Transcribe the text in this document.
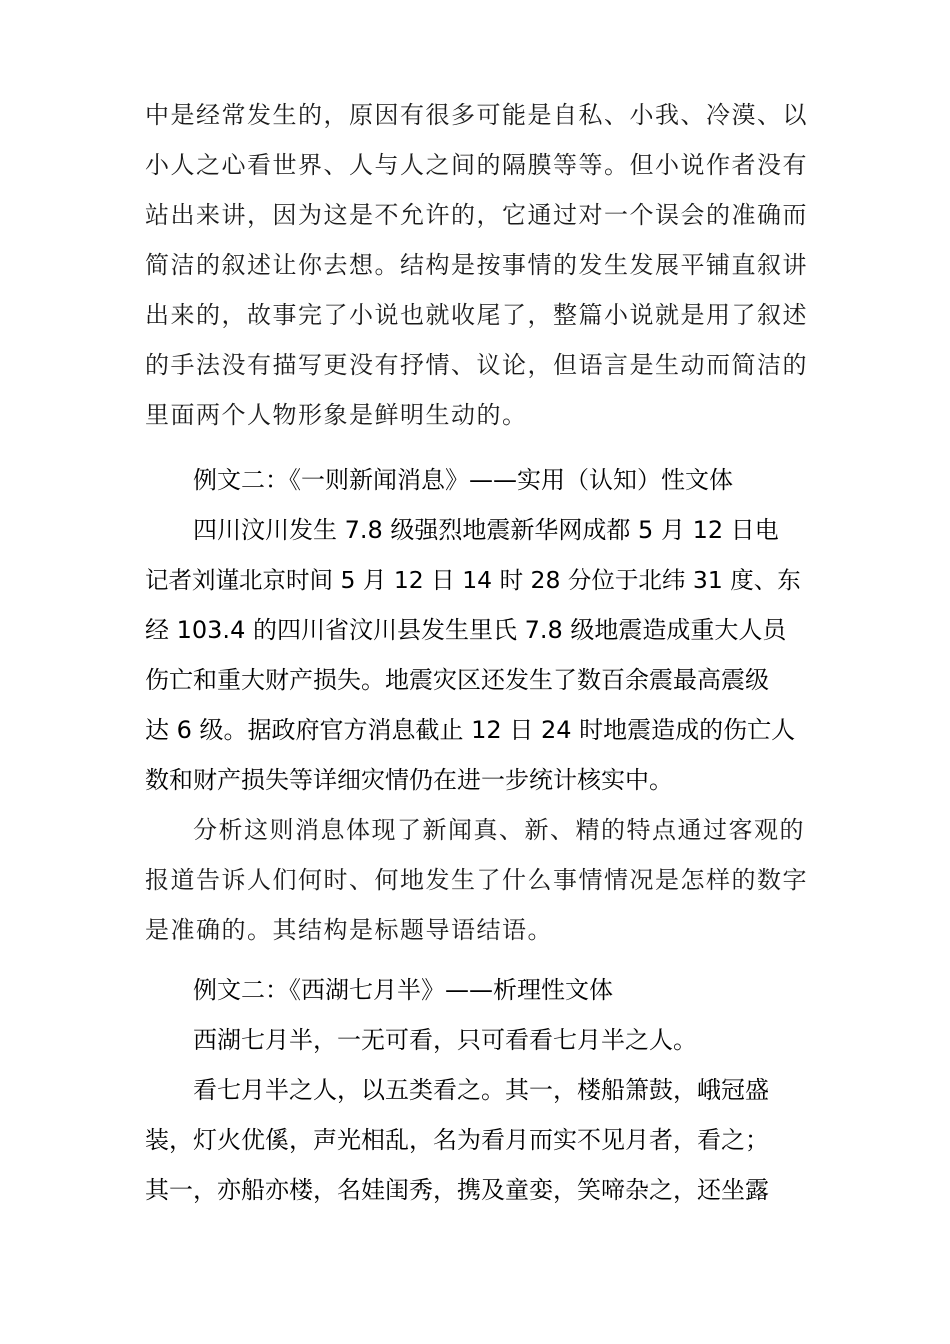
中是经常发生的，原因有很多可能是自私、小我、冷漠、以
小人之心看世界、人与人之间的隔膜等等。但小说作者没有
站出来讲，因为这是不允许的，它通过对一个误会的准确而
简洁的叙述让你去想。结构是按事情的发生发展平铺直叙讲
出来的，故事完了小说也就收尾了，整篇小说就是用了叙述
的手法没有描写更没有抒情、议论，但语言是生动而简洁的
里面两个人物形象是鲜明生动的。
例文二：《一则新闻消息》——实用（认知）性文体
四川汶川发生 7.8 级强烈地震新华网成都 5 月 12 日电
记者刘谨北京时间 5 月 12 日 14 时 28 分位于北纬 31 度、东
经 103.4 的四川省汶川县发生里氏 7.8 级地震造成重大人员
伤亡和重大财产损失。地震灾区还发生了数百余震最高震级
达 6 级。据政府官方消息截止 12 日 24 时地震造成的伤亡人
数和财产损失等详细灾情仍在进一步统计核实中。
分析这则消息体现了新闻真、新、精的特点通过客观的
报道告诉人们何时、何地发生了什么事情情况是怎样的数字
是准确的。其结构是标题导语结语。
例文二：《西湖七月半》——析理性文体
西湖七月半，一无可看，只可看看七月半之人。
看七月半之人，以五类看之。其一，楼船箫鼓，峨冠盛
装，灯火优傒，声光相乱，名为看月而实不见月者，看之；
其一，亦船亦楼，名娃闺秀，携及童娈，笑啼杂之，还坐露
